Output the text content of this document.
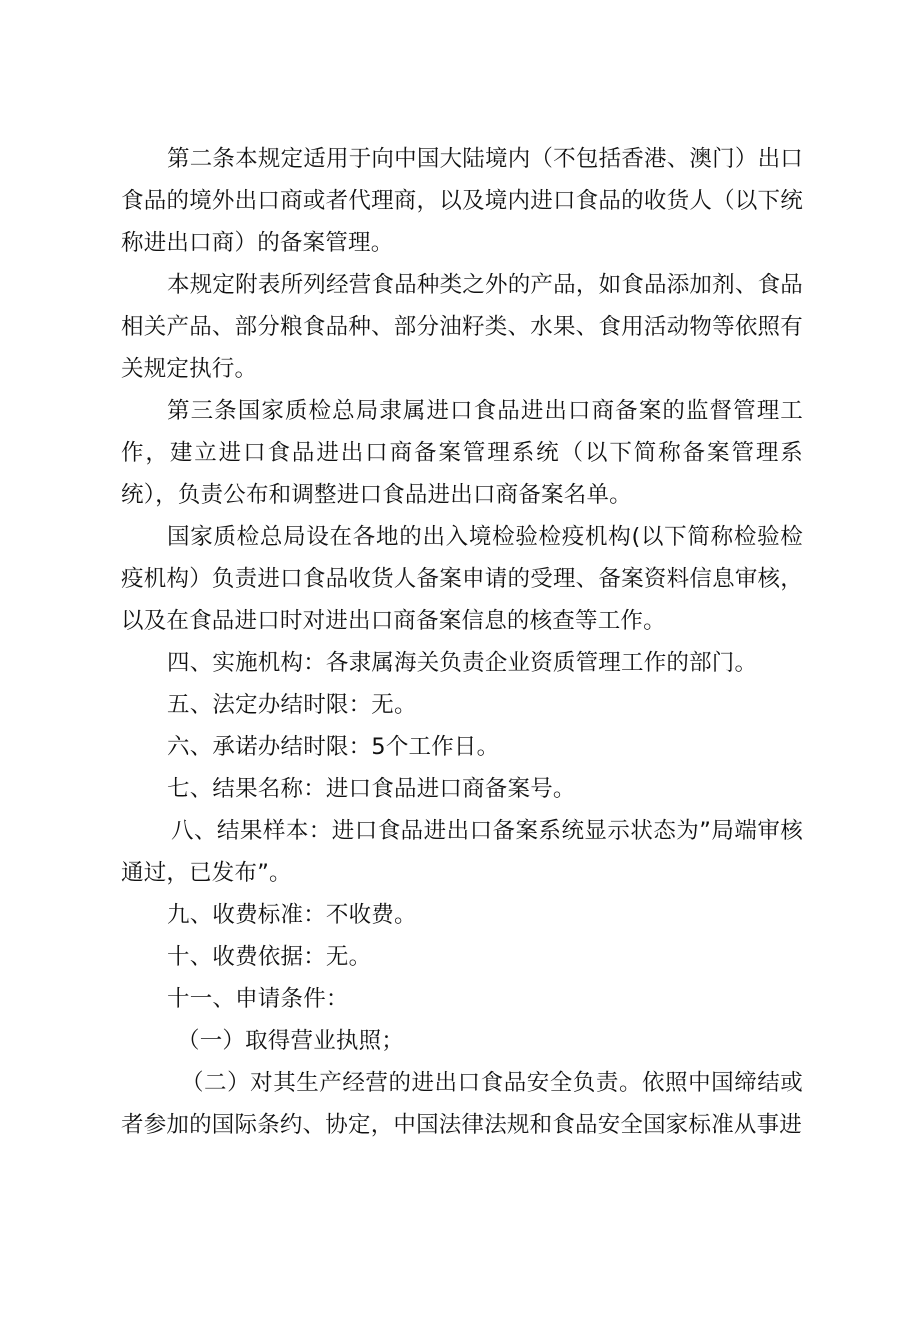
第二条本规定适用于向中国大陆境内（不包括香港、澳门）出口食品的境外出口商或者代理商，以及境内进口食品的收货人（以下统称进出口商）的备案管理。

本规定附表所列经营食品种类之外的产品，如食品添加剂、食品相关产品、部分粮食品种、部分油籽类、水果、食用活动物等依照有关规定执行。

第三条国家质检总局隶属进口食品进出口商备案的监督管理工作，建立进口食品进出口商备案管理系统（以下简称备案管理系统），负责公布和调整进口食品进出口商备案名单。

国家质检总局设在各地的出入境检验检疫机构(以下简称检验检疫机构）负责进口食品收货人备案申请的受理、备案资料信息审核，以及在食品进口时对进出口商备案信息的核查等工作。

四、实施机构：各隶属海关负责企业资质管理工作的部门。

五、法定办结时限：无。

六、承诺办结时限：5个工作日。

七、结果名称：进口食品进口商备案号。

八、结果样本：进口食品进出口备案系统显示状态为”局端审核通过，已发布”。

九、收费标准：不收费。

十、收费依据：无。

十一、申请条件：

（一）取得营业执照；

（二）对其生产经营的进出口食品安全负责。依照中国缔结或者参加的国际条约、协定，中国法律法规和食品安全国家标准从事进
